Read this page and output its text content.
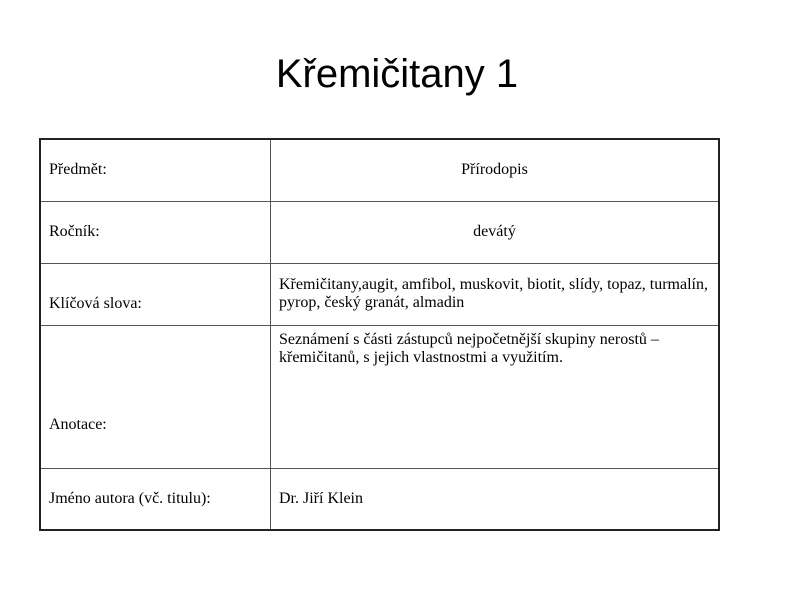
Křemičitany 1
Předmět:	Přírodopis
Ročník:	devátý
Klíčová slova:	Křemičitany,augit, amfibol, muskovit, biotit, slídy, topaz, turmalín, pyrop, český granát, almadin
Anotace:	Seznámení s části zástupců nejpočetnější skupiny nerostů – křemičitanů, s jejich vlastnostmi a využitím.
Jméno autora (vč. titulu):	Dr. Jiří Klein
